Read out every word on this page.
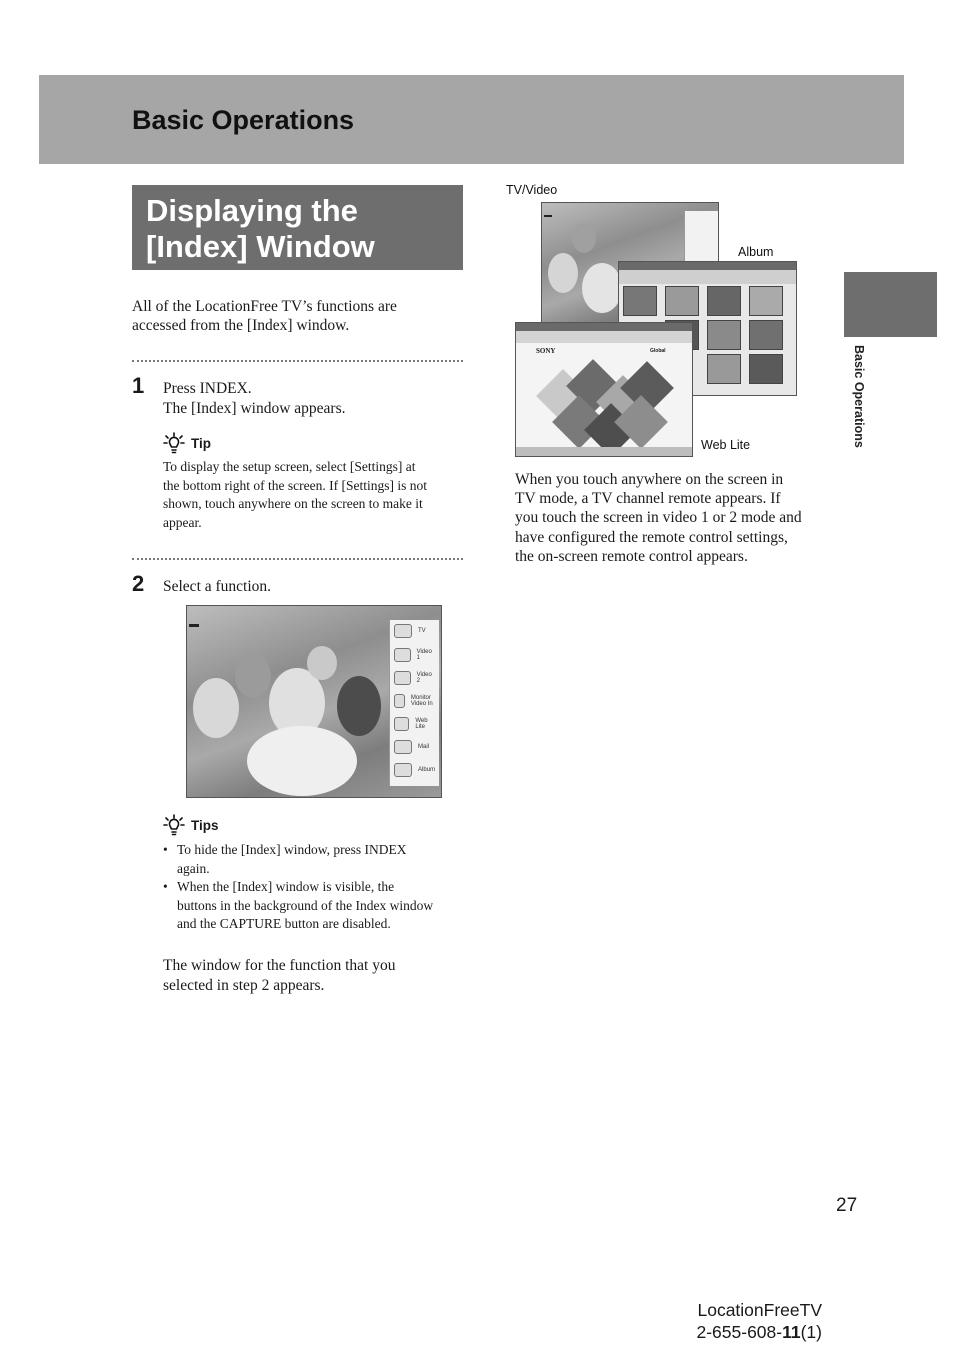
Basic Operations
Displaying the
[Index] Window
Basic Operations
All of the LocationFree TV’s functions are
accessed from the [Index] window.
1 Press INDEX.
The [Index] window appears.
Tip
To display the setup screen, select [Settings] at
the bottom right of the screen. If [Settings] is not
shown, touch anywhere on the screen to make it
appear.
2 Select a function.
TV
Video 1
Video 2
Monitor Video In
Web Lite
Mail
Album
Tips
• To hide the [Index] window, press INDEX
again.
• When the [Index] window is visible, the
buttons in the background of the Index window
and the CAPTURE button are disabled.
The window for the function that you
selected in step 2 appears.
TV/Video
Album
Web Lite
SONY	Global
When you touch anywhere on the screen in
TV mode, a TV channel remote appears. If
you touch the screen in video 1 or 2 mode and
have configured the remote control settings,
the on-screen remote control appears.
27
LocationFreeTV
2-655-608-11(1)
